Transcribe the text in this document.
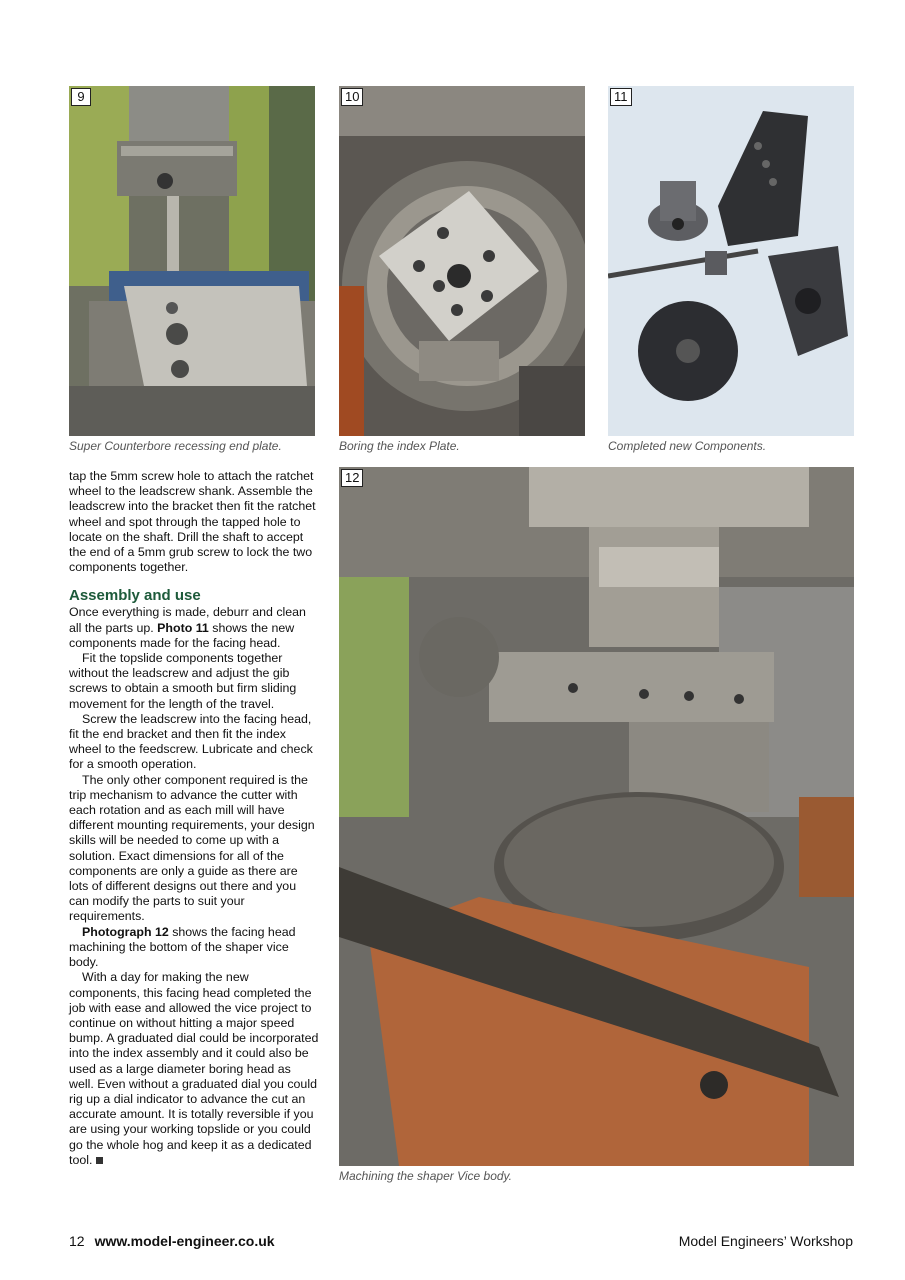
9
Super Counterbore recessing end plate.
10
Boring the index Plate.
11
Completed new Components.
12
Machining the shaper Vice body.

tap the 5mm screw hole to attach the ratchet wheel to the leadscrew shank. Assemble the leadscrew into the bracket then fit the ratchet wheel and spot through the tapped hole to locate on the shaft. Drill the shaft to accept the end of a 5mm grub screw to lock the two components together.

Assembly and use

Once everything is made, deburr and clean all the parts up. Photo 11 shows the new components made for the facing head.

Fit the topslide components together without the leadscrew and adjust the gib screws to obtain a smooth but firm sliding movement for the length of the travel.

Screw the leadscrew into the facing head, fit the end bracket and then fit the index wheel to the feedscrew. Lubricate and check for a smooth operation.

The only other component required is the trip mechanism to advance the cutter with each rotation and as each mill will have different mounting requirements, your design skills will be needed to come up with a solution. Exact dimensions for all of the components are only a guide as there are lots of different designs out there and you can modify the parts to suit your requirements.

Photograph 12 shows the facing head machining the bottom of the shaper vice body.

With a day for making the new components, this facing head completed the job with ease and allowed the vice project to continue on without hitting a major speed bump. A graduated dial could be incorporated into the index assembly and it could also be used as a large diameter boring head as well. Even without a graduated dial you could rig up a dial indicator to advance the cut an accurate amount. It is totally reversible if you are using your working topslide or you could go the whole hog and keep it as a dedicated tool.

12 www.model-engineer.co.uk	Model Engineers’ Workshop
